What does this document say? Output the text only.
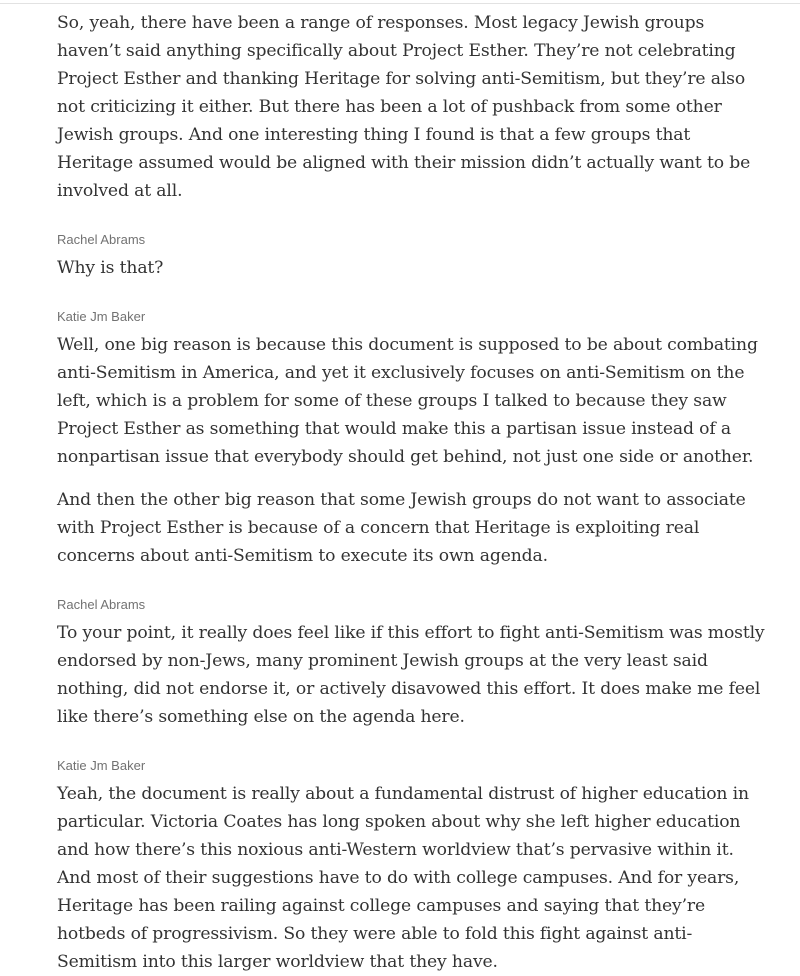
So, yeah, there have been a range of responses. Most legacy Jewish groups haven’t said anything specifically about Project Esther. They’re not celebrating Project Esther and thanking Heritage for solving anti-Semitism, but they’re also not criticizing it either. But there has been a lot of pushback from some other Jewish groups. And one interesting thing I found is that a few groups that Heritage assumed would be aligned with their mission didn’t actually want to be involved at all.

Rachel Abrams

Why is that?

Katie Jm Baker

Well, one big reason is because this document is supposed to be about combating anti-Semitism in America, and yet it exclusively focuses on anti-Semitism on the left, which is a problem for some of these groups I talked to because they saw Project Esther as something that would make this a partisan issue instead of a nonpartisan issue that everybody should get behind, not just one side or another.

And then the other big reason that some Jewish groups do not want to associate with Project Esther is because of a concern that Heritage is exploiting real concerns about anti-Semitism to execute its own agenda.

Rachel Abrams

To your point, it really does feel like if this effort to fight anti-Semitism was mostly endorsed by non-Jews, many prominent Jewish groups at the very least said nothing, did not endorse it, or actively disavowed this effort. It does make me feel like there’s something else on the agenda here.

Katie Jm Baker

Yeah, the document is really about a fundamental distrust of higher education in particular. Victoria Coates has long spoken about why she left higher education and how there’s this noxious anti-Western worldview that’s pervasive within it. And most of their suggestions have to do with college campuses. And for years, Heritage has been railing against college campuses and saying that they’re hotbeds of progressivism. So they were able to fold this fight against anti-Semitism into this larger worldview that they have.
